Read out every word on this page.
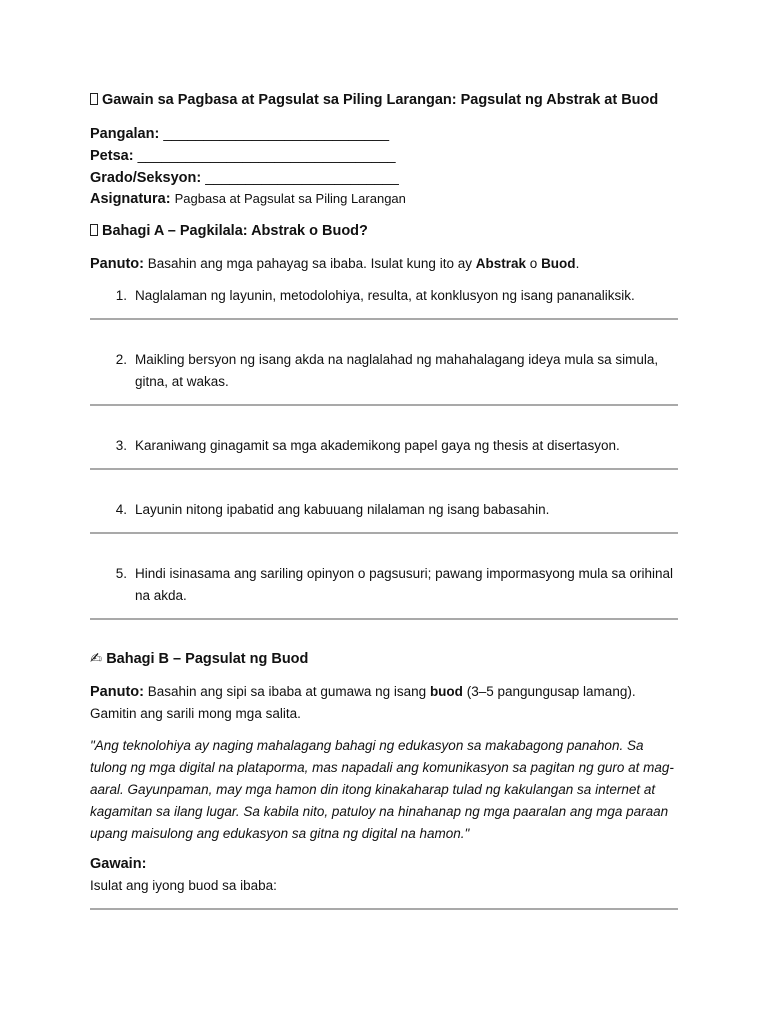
Gawain sa Pagbasa at Pagsulat sa Piling Larangan: Pagsulat ng Abstrak at Buod
Pangalan: ____________________________
Petsa: ________________________________
Grado/Seksyon: ________________________
Asignatura: Pagbasa at Pagsulat sa Piling Larangan
Bahagi A – Pagkilala: Abstrak o Buod?
Panuto: Basahin ang mga pahayag sa ibaba. Isulat kung ito ay Abstrak o Buod.
1. Naglalaman ng layunin, metodolohiya, resulta, at konklusyon ng isang pananaliksik.
2. Maikling bersyon ng isang akda na naglalahad ng mahahalagang ideya mula sa simula, gitna, at wakas.
3. Karaniwang ginagamit sa mga akademikong papel gaya ng thesis at disertasyon.
4. Layunin nitong ipabatid ang kabuuang nilalaman ng isang babasahin.
5. Hindi isinasama ang sariling opinyon o pagsusuri; pawang impormasyong mula sa orihinal na akda.
✍ Bahagi B – Pagsulat ng Buod
Panuto: Basahin ang sipi sa ibaba at gumawa ng isang buod (3–5 pangungusap lamang). Gamitin ang sarili mong mga salita.
"Ang teknolohiya ay naging mahalagang bahagi ng edukasyon sa makabagong panahon. Sa tulong ng mga digital na plataporma, mas napadali ang komunikasyon sa pagitan ng guro at mag-aaral. Gayunpaman, may mga hamon din itong kinakaharap tulad ng kakulangan sa internet at kagamitan sa ilang lugar. Sa kabila nito, patuloy na hinahanap ng mga paaralan ang mga paraan upang maisulong ang edukasyon sa gitna ng digital na hamon."
Gawain:
Isulat ang iyong buod sa ibaba:
